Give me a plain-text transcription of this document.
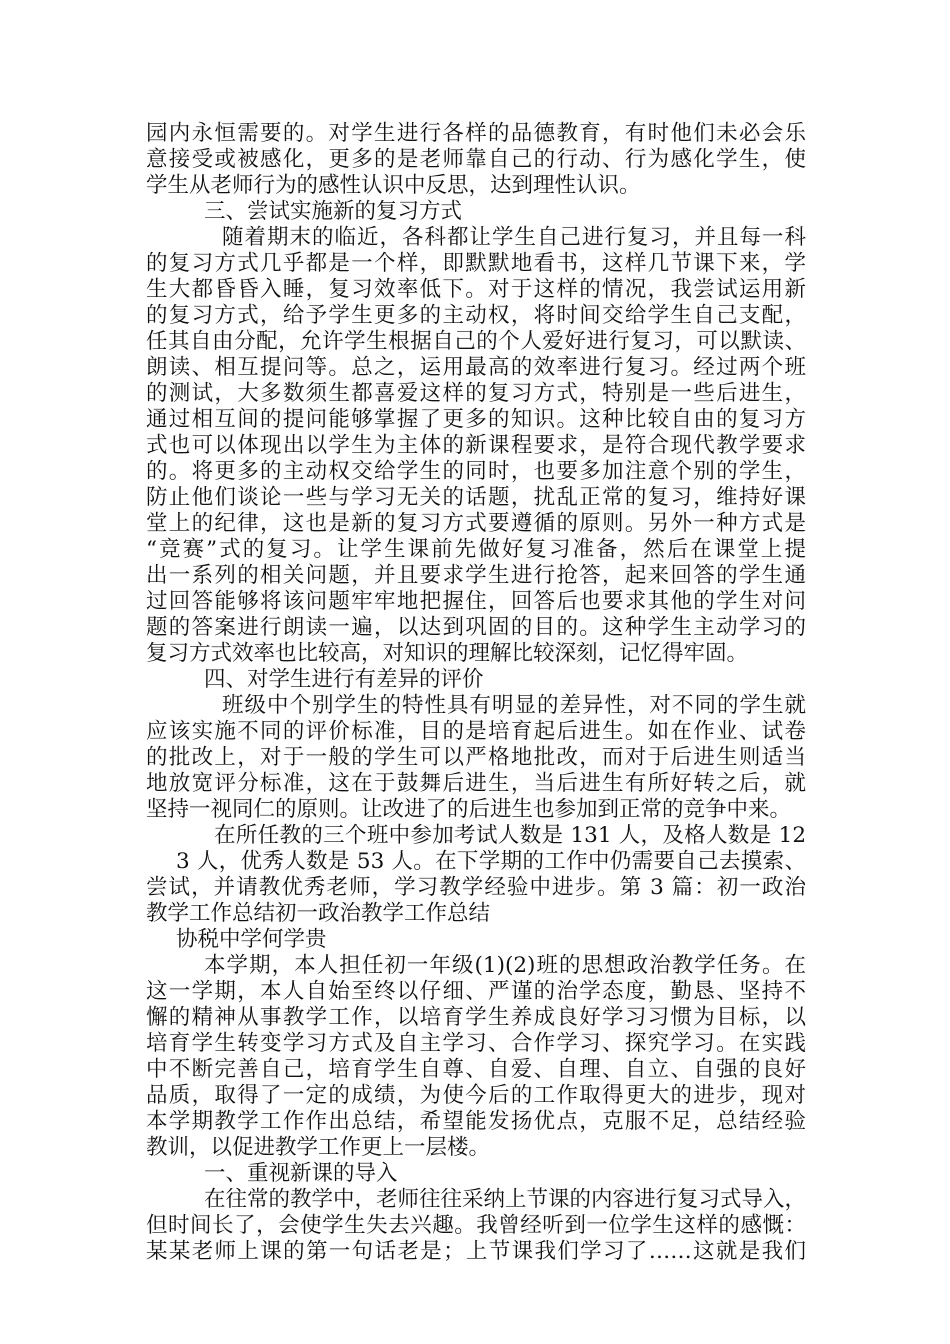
园内永恒需要的。对学生进行各样的品德教育，有时他们未必会乐
意接受或被感化，更多的是老师靠自己的行动、行为感化学生，使
学生从老师行为的感性认识中反思，达到理性认识。
三、尝试实施新的复习方式
随着期末的临近，各科都让学生自己进行复习，并且每一科
的复习方式几乎都是一个样，即默默地看书，这样几节课下来，学
生大都昏昏入睡，复习效率低下。对于这样的情况，我尝试运用新
的复习方式，给予学生更多的主动权，将时间交给学生自己支配，
任其自由分配，允许学生根据自己的个人爱好进行复习，可以默读、
朗读、相互提问等。总之，运用最高的效率进行复习。经过两个班
的测试，大多数须生都喜爱这样的复习方式，特别是一些后进生，
通过相互间的提问能够掌握了更多的知识。这种比较自由的复习方
式也可以体现出以学生为主体的新课程要求，是符合现代教学要求
的。将更多的主动权交给学生的同时，也要多加注意个别的学生，
防止他们谈论一些与学习无关的话题，扰乱正常的复习，维持好课
堂上的纪律，这也是新的复习方式要遵循的原则。另外一种方式是
“竞赛”式的复习。让学生课前先做好复习准备，然后在课堂上提
出一系列的相关问题，并且要求学生进行抢答，起来回答的学生通
过回答能够将该问题牢牢地把握住，回答后也要求其他的学生对问
题的答案进行朗读一遍，以达到巩固的目的。这种学生主动学习的
复习方式效率也比较高，对知识的理解比较深刻，记忆得牢固。
四、对学生进行有差异的评价
班级中个别学生的特性具有明显的差异性，对不同的学生就
应该实施不同的评价标准，目的是培育起后进生。如在作业、试卷
的批改上，对于一般的学生可以严格地批改，而对于后进生则适当
地放宽评分标准，这在于鼓舞后进生，当后进生有所好转之后，就
坚持一视同仁的原则。让改进了的后进生也参加到正常的竞争中来。
在所任教的三个班中参加考试人数是 131 人，及格人数是 12
3 人，优秀人数是 53 人。在下学期的工作中仍需要自己去摸索、
尝试，并请教优秀老师，学习教学经验中进步。第 3 篇：初一政治
教学工作总结初一政治教学工作总结
协税中学何学贵
本学期，本人担任初一年级(1)(2)班的思想政治教学任务。在
这一学期，本人自始至终以仔细、严谨的治学态度，勤恳、坚持不
懈的精神从事教学工作，以培育学生养成良好学习习惯为目标，以
培育学生转变学习方式及自主学习、合作学习、探究学习。在实践
中不断完善自己，培育学生自尊、自爱、自理、自立、自强的良好
品质，取得了一定的成绩，为使今后的工作取得更大的进步，现对
本学期教学工作作出总结，希望能发扬优点，克服不足，总结经验
教训，以促进教学工作更上一层楼。
一、重视新课的导入
在往常的教学中，老师往往采纳上节课的内容进行复习式导入，
但时间长了，会使学生失去兴趣。我曾经听到一位学生这样的感慨：
某某老师上课的第一句话老是；上节课我们学习了……这就是我们
